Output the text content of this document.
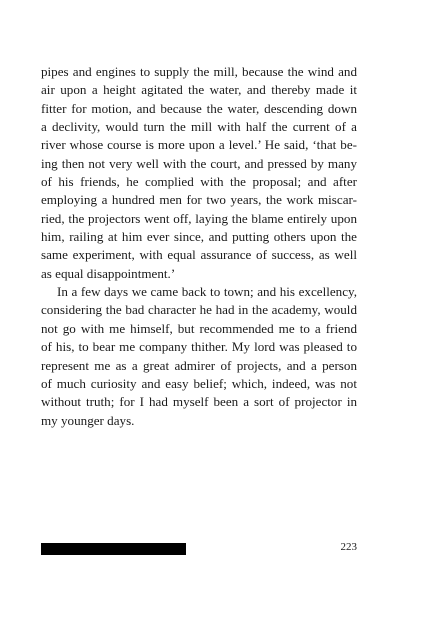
pipes and engines to supply the mill, because the wind and
air upon a height agitated the water, and thereby made it
fitter for motion, and because the water, descending down
a declivity, would turn the mill with half the current of a
river whose course is more upon a level.’ He said, ‘that be-
ing then not very well with the court, and pressed by many
of his friends, he complied with the proposal; and after
employing a hundred men for two years, the work miscar-
ried, the projectors went off, laying the blame entirely upon
him, railing at him ever since, and putting others upon the
same experiment, with equal assurance of success, as well
as equal disappointment.’
In a few days we came back to town; and his excellency,
considering the bad character he had in the academy, would
not go with me himself, but recommended me to a friend
of his, to bear me company thither. My lord was pleased to
represent me as a great admirer of projects, and a person
of much curiosity and easy belief; which, indeed, was not
without truth; for I had myself been a sort of projector in
my younger days.
223
